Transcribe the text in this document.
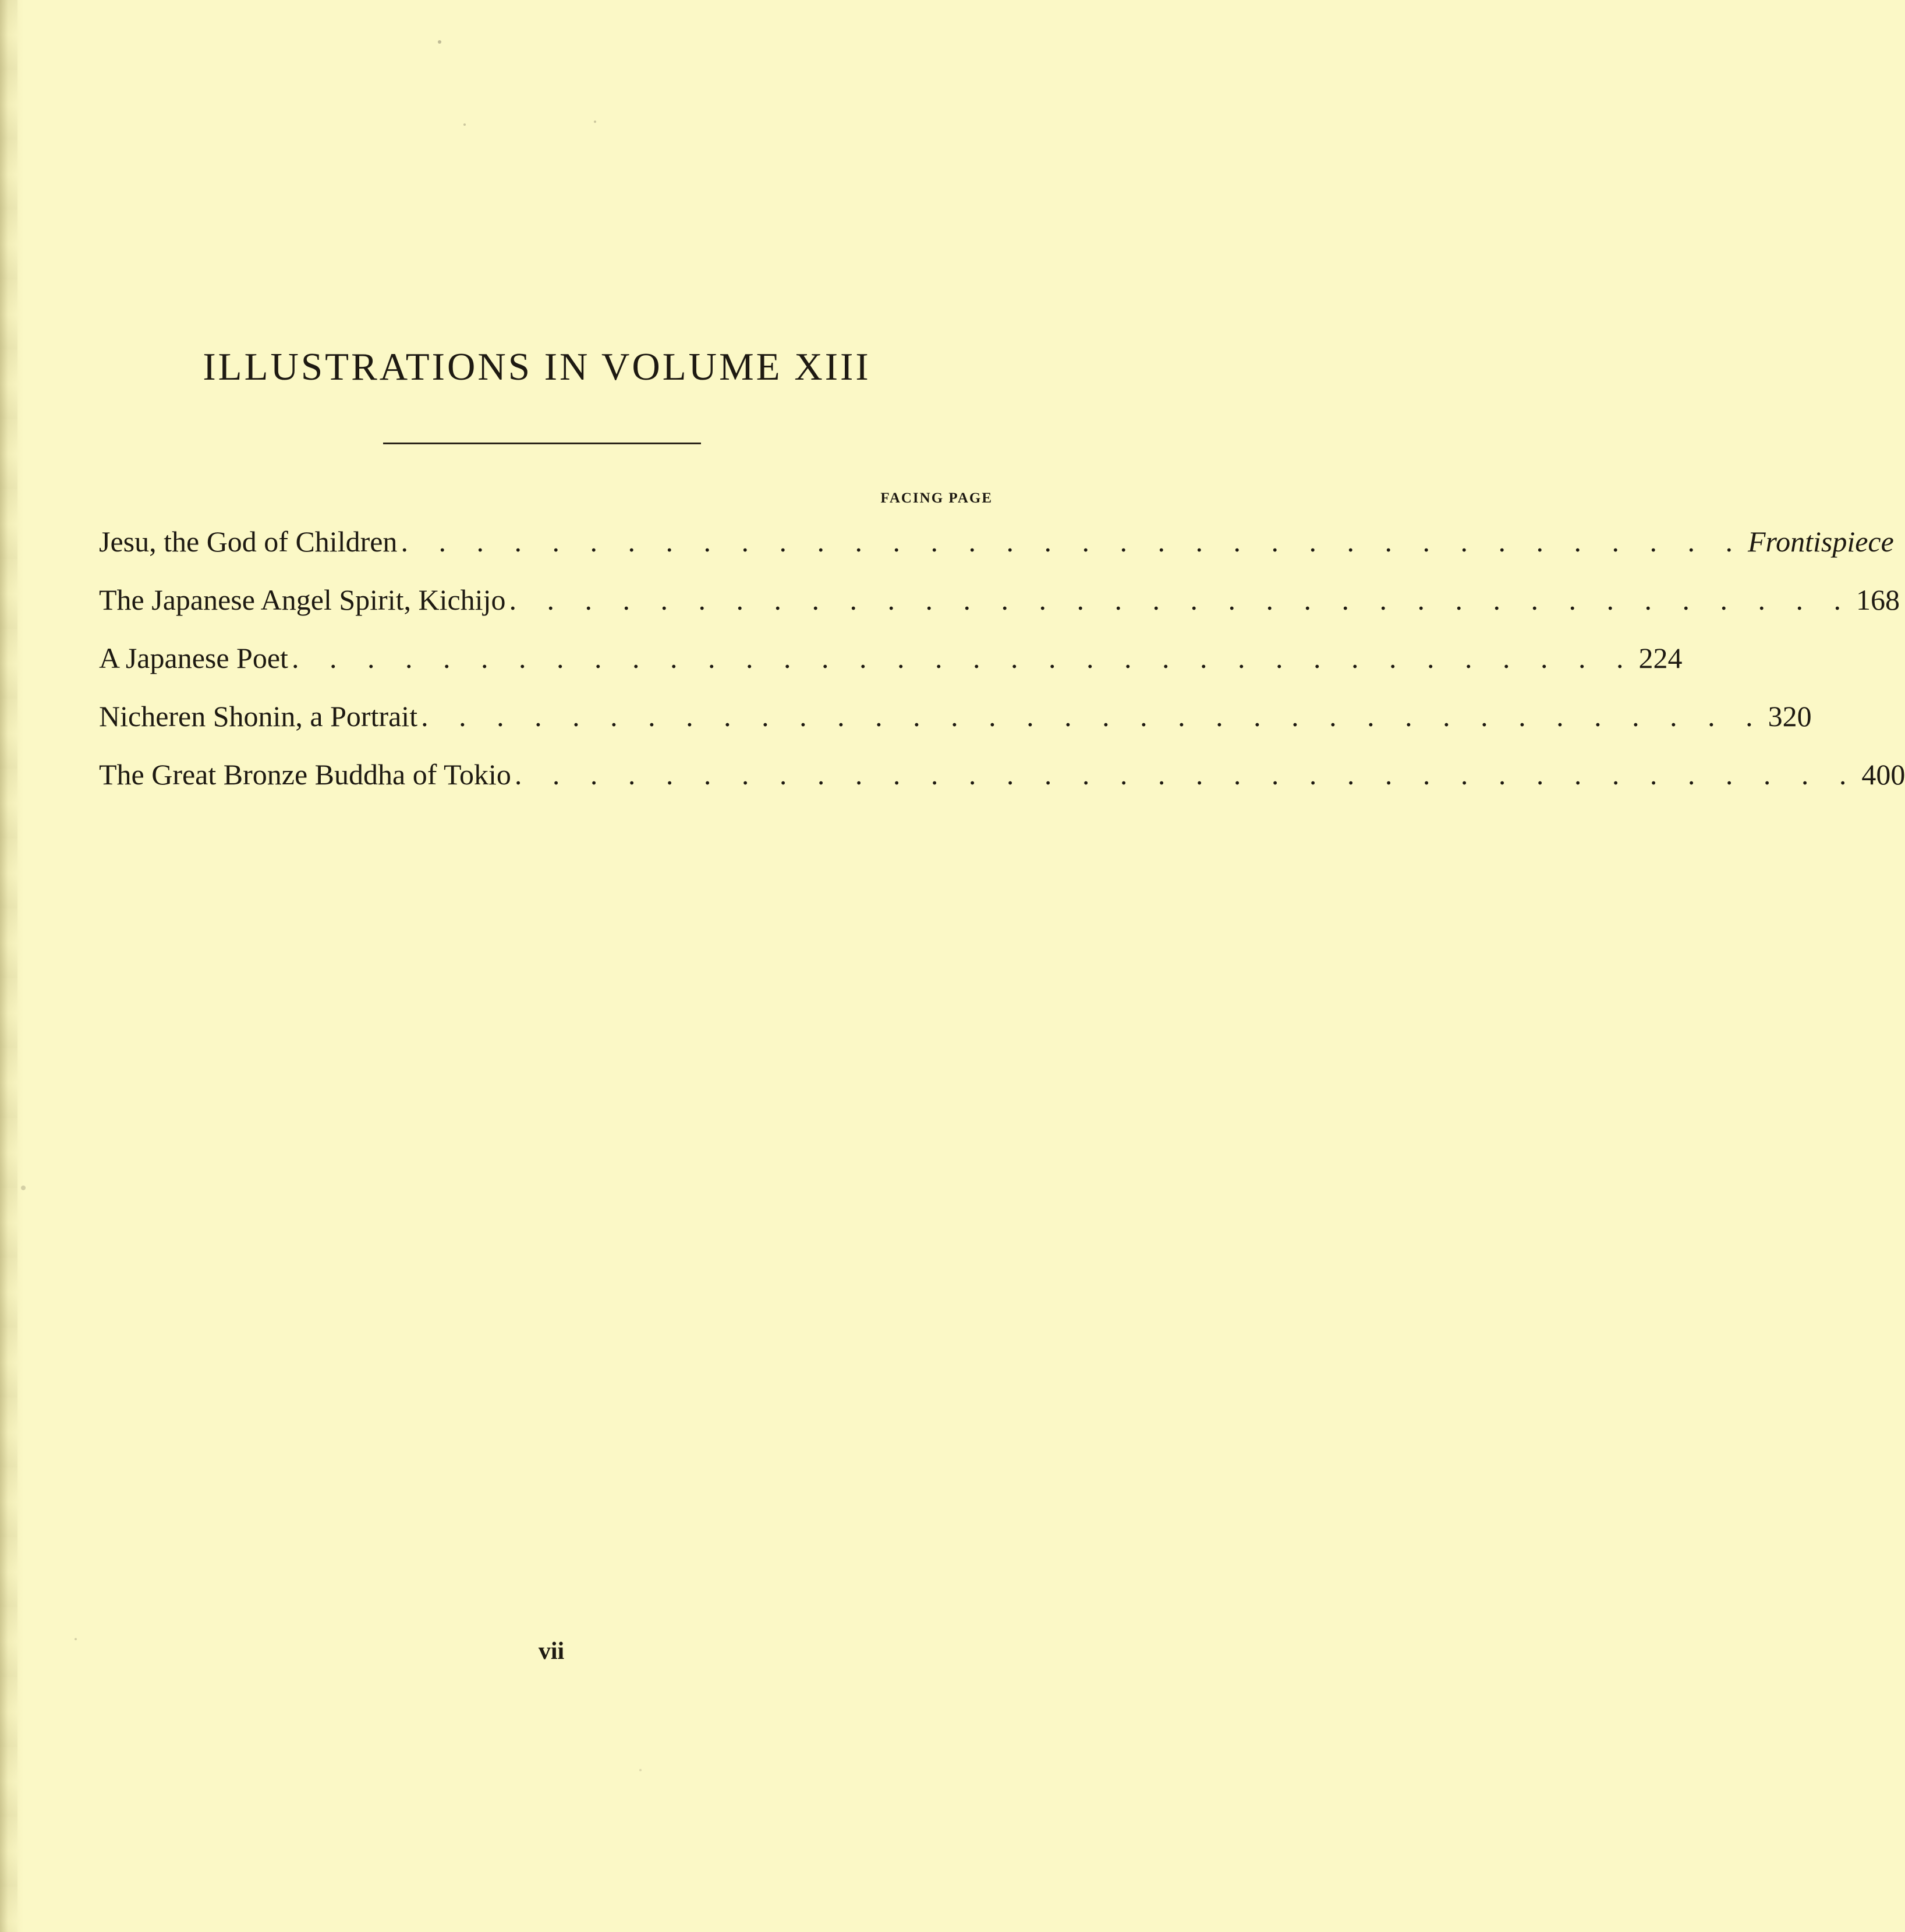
ILLUSTRATIONS IN VOLUME XIII
FACING PAGE
Jesu, the God of Children . . . . . . . . . . . . . . . . . . . . . . . . . . . . . . . . . . . . Frontispiece
The Japanese Angel Spirit, Kichijo . . . . . . . . . . . . . . . . . . . . . . . . . . . . . . . . . . . . 168
A Japanese Poet . . . . . . . . . . . . . . . . . . . . . . . . . . . . . . . . . . . . 224
Nicheren Shonin, a Portrait . . . . . . . . . . . . . . . . . . . . . . . . . . . . . . . . . . . . 320
The Great Bronze Buddha of Tokio . . . . . . . . . . . . . . . . . . . . . . . . . . . . . . . . . . . . 400
vii
